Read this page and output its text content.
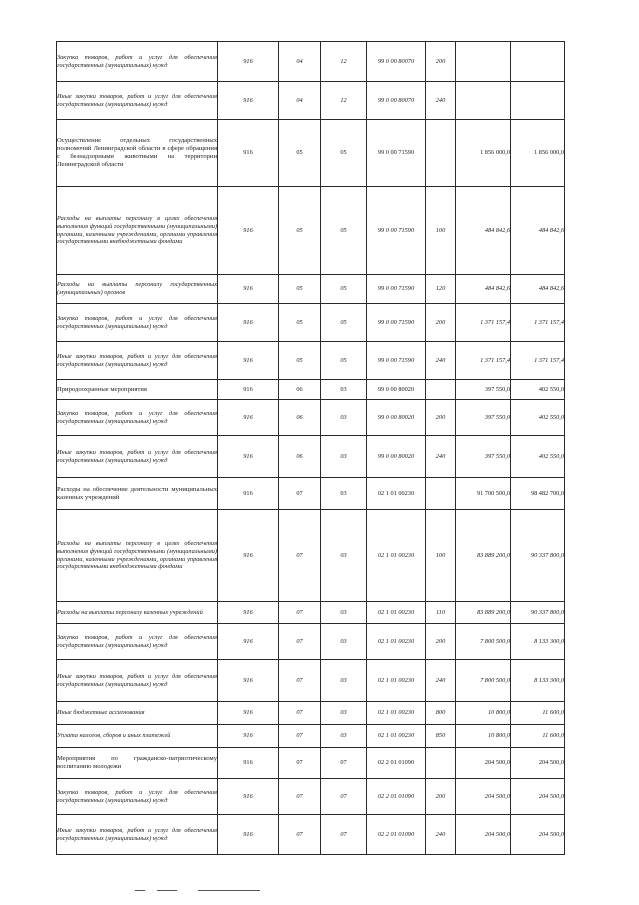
Закупка товаров, работ и услуг для обеспечения государственных (муниципальных) нужд	916	04	12	99 0 00 80070	200		
Иные закупки товаров, работ и услуг для обеспечения государственных (муниципальных) нужд	916	04	12	99 0 00 80070	240		
Осуществление отдельных государственных полномочий Ленинградской области в сфере обращения с безнадзорными животными на территории Ленинградской области	916	05	05	99 0 00 71590		1 856 000,0	1 856 000,0
Расходы на выплаты персоналу в целях обеспечения выполнения функций государственными (муниципальными) органами, казенными учреждениями, органами управления государственными внебюджетными фондами	916	05	05	99 0 00 71590	100	484 842,6	484 842,6
Расходы на выплаты персоналу государственных (муниципальных) органов	916	05	05	99 0 00 71590	120	484 842,6	484 842,6
Закупка товаров, работ и услуг для обеспечения государственных (муниципальных) нужд	916	05	05	99 0 00 71590	200	1 371 157,4	1 371 157,4
Иные закупки товаров, работ и услуг для обеспечения государственных (муниципальных) нужд	916	05	05	99 0 00 71590	240	1 371 157,4	1 371 157,4
Природоохранные мероприятия	916	06	03	99 0 00 80020		397 550,0	402 550,0
Закупка товаров, работ и услуг для обеспечения государственных (муниципальных) нужд	916	06	03	99 0 00 80020	200	397 550,0	402 550,0
Иные закупки товаров, работ и услуг для обеспечения государственных (муниципальных) нужд	916	06	03	99 0 00 80020	240	397 550,0	402 550,0
Расходы на обеспечение деятельности муниципальных казенных учреждений	916	07	03	02 1 01 00230		91 700 500,0	98 482 700,0
Расходы на выплаты персоналу в целях обеспечения выполнения функций государственными (муниципальными) органами, казенными учреждениями, органами управления государственными внебюджетными фондами	916	07	03	02 1 01 00230	100	83 889 200,0	90 337 800,0
Расходы на выплаты персоналу казенных учреждений	916	07	03	02 1 01 00230	110	83 889 200,0	90 337 800,0
Закупка товаров, работ и услуг для обеспечения государственных (муниципальных) нужд	916	07	03	02 1 01 00230	200	7 800 500,0	8 133 300,0
Иные закупки товаров, работ и услуг для обеспечения государственных (муниципальных) нужд	916	07	03	02 1 01 00230	240	7 800 500,0	8 133 300,0
Иные бюджетные ассигнования	916	07	03	02 1 01 00230	800	10 800,0	11 600,0
Уплата налогов, сборов и иных платежей	916	07	03	02 1 01 00230	850	10 800,0	11 600,0
Мероприятия по гражданско-патриотическому воспитанию молодежи	916	07	07	02 2 01 01090		204 500,0	204 500,0
Закупка товаров, работ и услуг для обеспечения государственных (муниципальных) нужд	916	07	07	02 2 01 01090	200	204 500,0	204 500,0
Иные закупки товаров, работ и услуг для обеспечения государственных (муниципальных) нужд	916	07	07	02 2 01 01090	240	204 500,0	204 500,0
